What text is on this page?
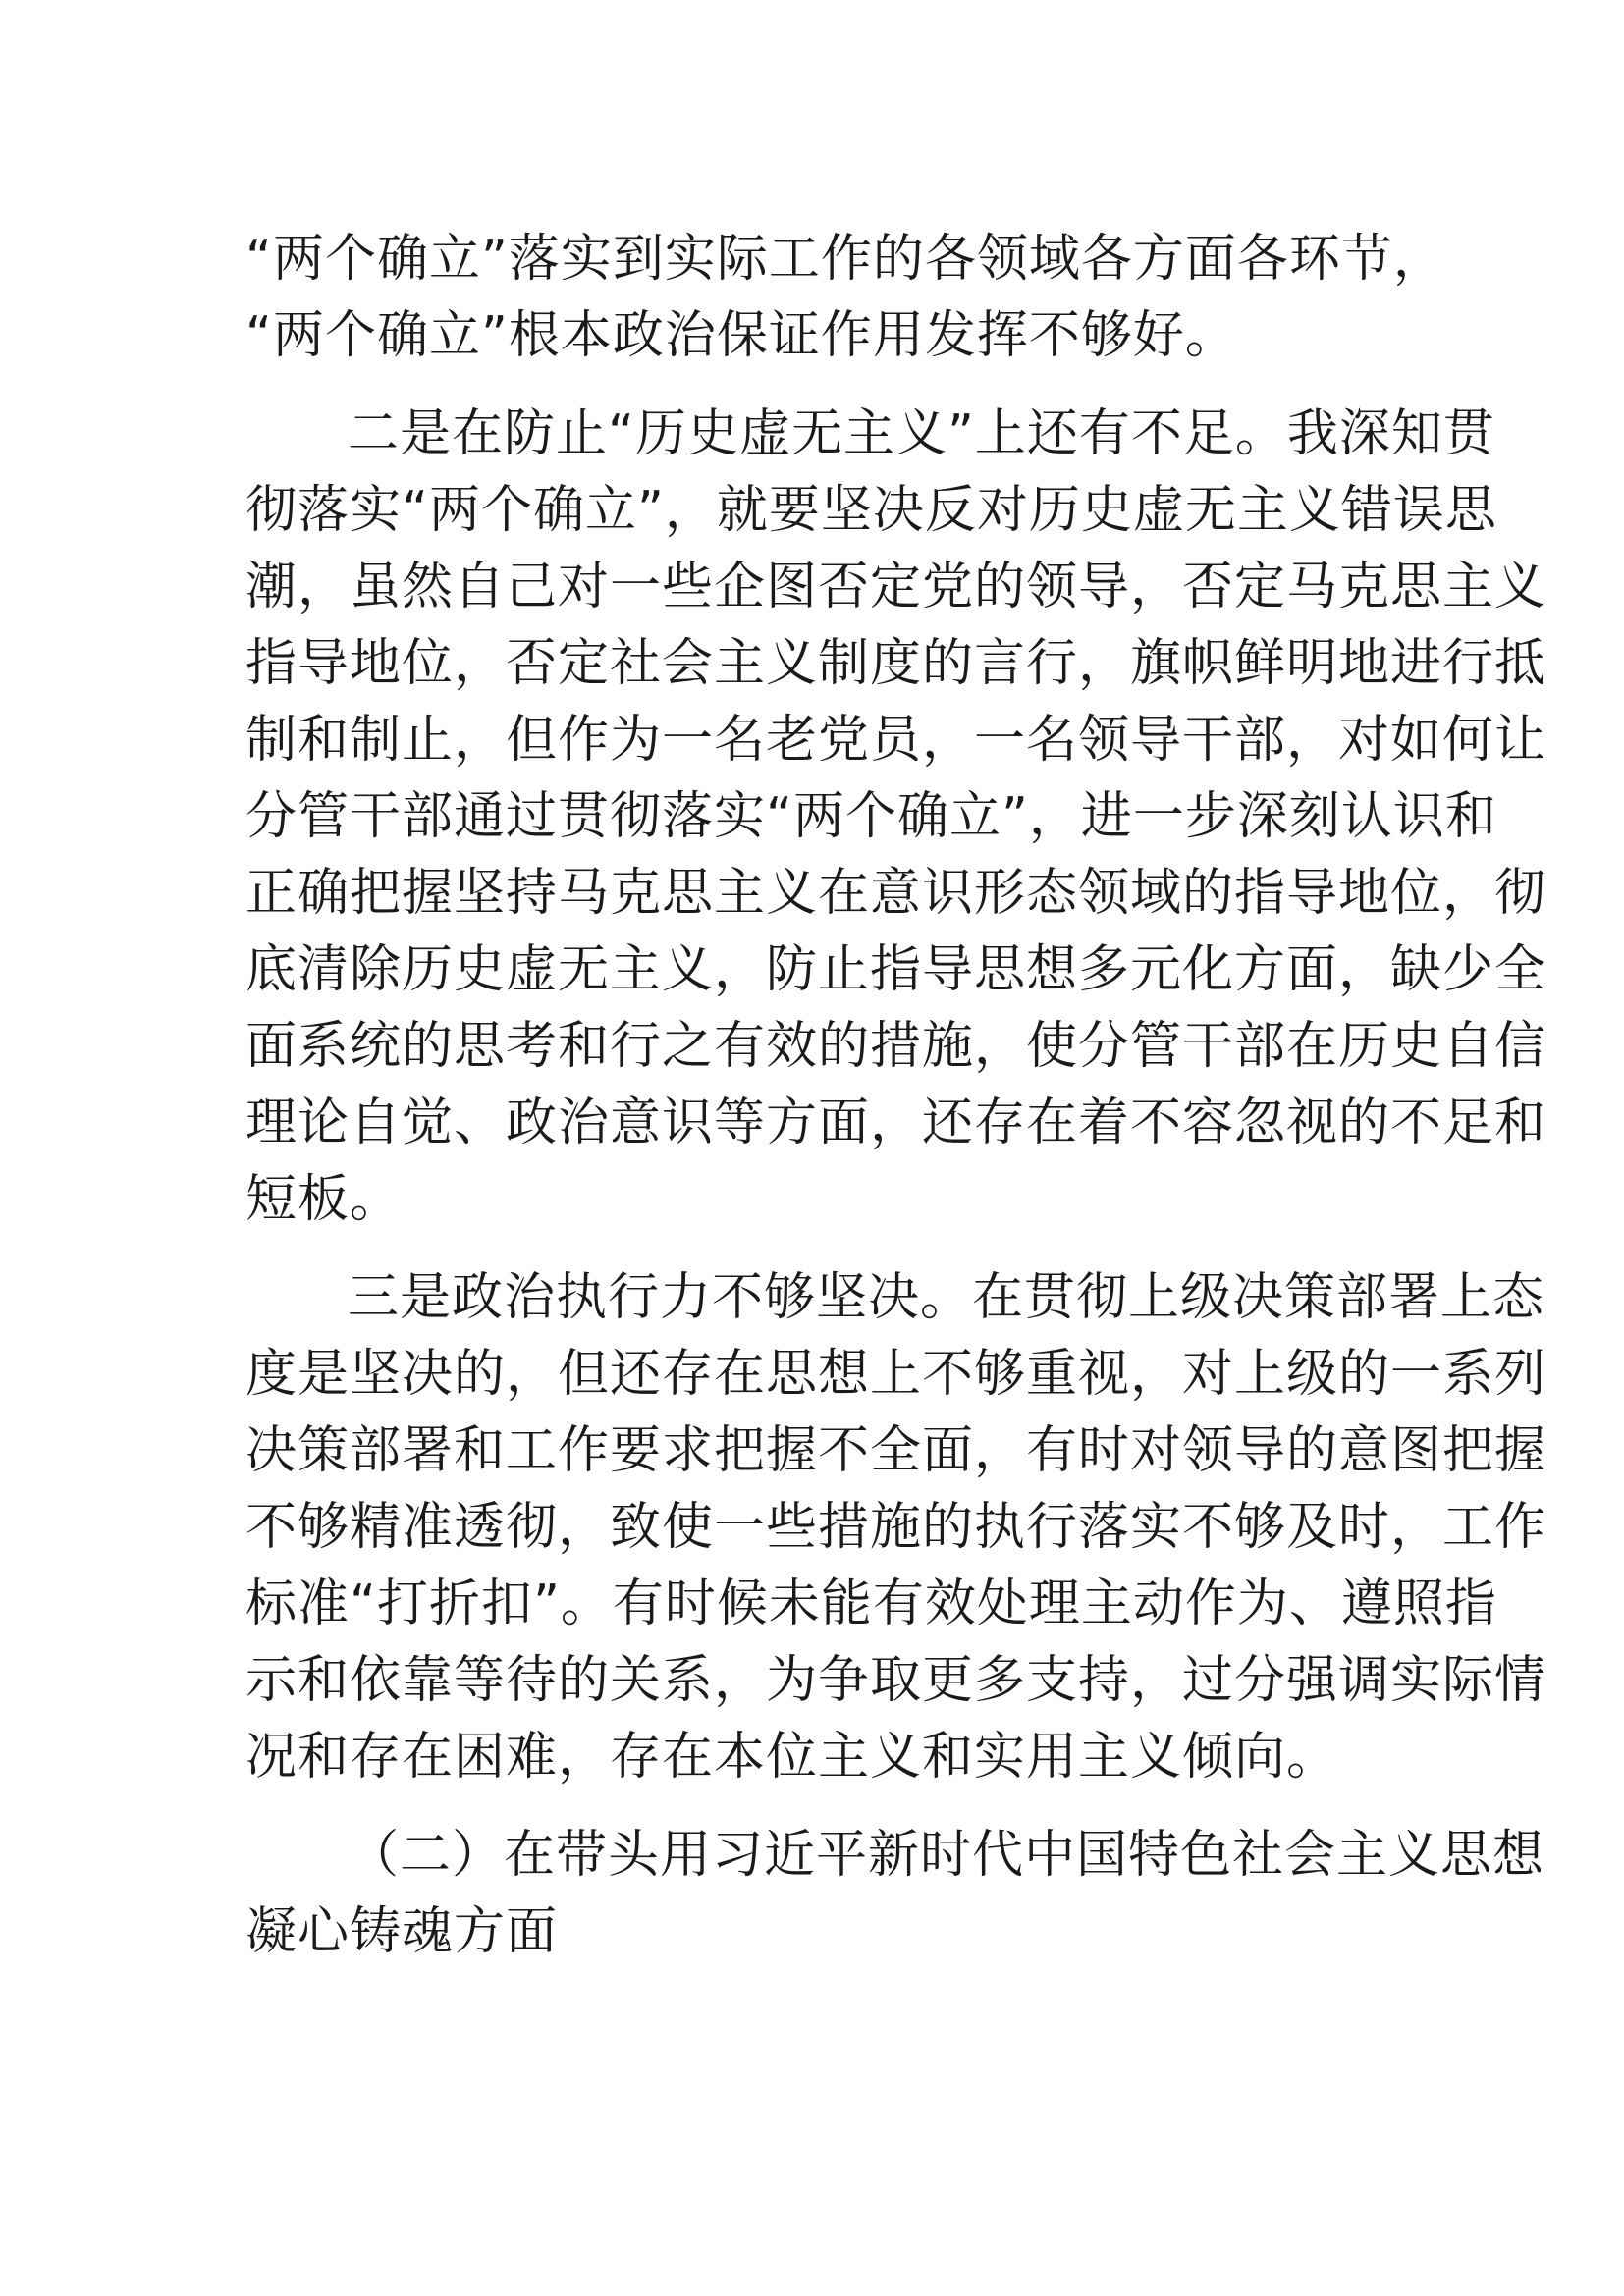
“两个确立”落实到实际工作的各领域各方面各环节，
“两个确立”根本政治保证作用发挥不够好。
二是在防止“历史虚无主义”上还有不足。我深知贯
彻落实“两个确立”，就要坚决反对历史虚无主义错误思
潮，虽然自己对一些企图否定党的领导，否定马克思主义
指导地位，否定社会主义制度的言行，旗帜鲜明地进行抵
制和制止，但作为一名老党员，一名领导干部，对如何让
分管干部通过贯彻落实“两个确立”，进一步深刻认识和
正确把握坚持马克思主义在意识形态领域的指导地位，彻
底清除历史虚无主义，防止指导思想多元化方面，缺少全
面系统的思考和行之有效的措施，使分管干部在历史自信
理论自觉、政治意识等方面，还存在着不容忽视的不足和
短板。
三是政治执行力不够坚决。在贯彻上级决策部署上态
度是坚决的，但还存在思想上不够重视，对上级的一系列
决策部署和工作要求把握不全面，有时对领导的意图把握
不够精准透彻，致使一些措施的执行落实不够及时，工作
标准“打折扣”。有时候未能有效处理主动作为、遵照指
示和依靠等待的关系，为争取更多支持，过分强调实际情
况和存在困难，存在本位主义和实用主义倾向。
（二）在带头用习近平新时代中国特色社会主义思想
凝心铸魂方面
